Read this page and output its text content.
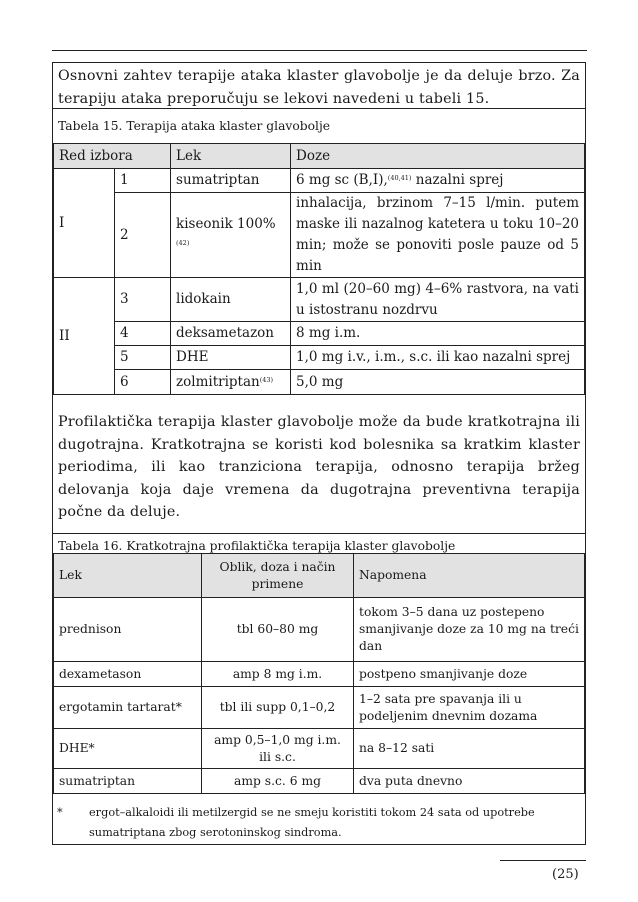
Osnovni zahtev terapije ataka klaster glavobolje je da deluje brzo. Za terapiju ataka preporučuju se lekovi navedeni u tabeli 15.
Tabela 15. Terapija ataka klaster glavobolje
Red izbora		Lek	Doze
I	1	sumatriptan	6 mg sc (B,I),$^{(40,41)}$ nazalni sprej
	2	kiseonik 100%$^{(42)}$	inhalacija, brzinom 7–15 l/min. putem maske ili nazalnog katetera u toku 10–20 min; može se ponoviti posle pauze od 5 min
II	3	lidokain	1,0 ml (20–60 mg) 4–6% rastvora, na vati u istostranu nozdrvu
	4	deksametazon	8 mg i.m.
	5	DHE	1,0 mg i.v., i.m., s.c. ili kao nazalni sprej
	6	zolmitriptan$^{(43)}$	5,0 mg
Profilaktička terapija klaster glavobolje može da bude kratkotrajna ili dugotrajna. Kratkotrajna se koristi kod bolesnika sa kratkim klaster periodima, ili kao tranziciona terapija, odnosno terapija bržeg delovanja koja daje vremena da dugotrajna preventivna terapija počne da deluje.
Tabela 16. Kratkotrajna profilaktička terapija klaster glavobolje
Lek	Oblik, doza i način primene	Napomena
prednison	tbl 60–80 mg	tokom 3–5 dana uz postepeno smanjivanje doze za 10 mg na treći dan
dexametason	amp 8 mg i.m.	postpeno smanjivanje doze
ergotamin tartarat*	tbl ili supp 0,1–0,2	1–2 sata pre spavanja ili u podeljenim dnevnim dozama
DHE*	amp 0,5–1,0 mg i.m. ili s.c.	na 8–12 sati
sumatriptan	amp s.c. 6 mg	dva puta dnevno
* ergot–alkaloidi ili metilzergid se ne smeju koristiti tokom 24 sata od upotrebe
sumatriptana zbog serotoninskog sindroma.
(25)
